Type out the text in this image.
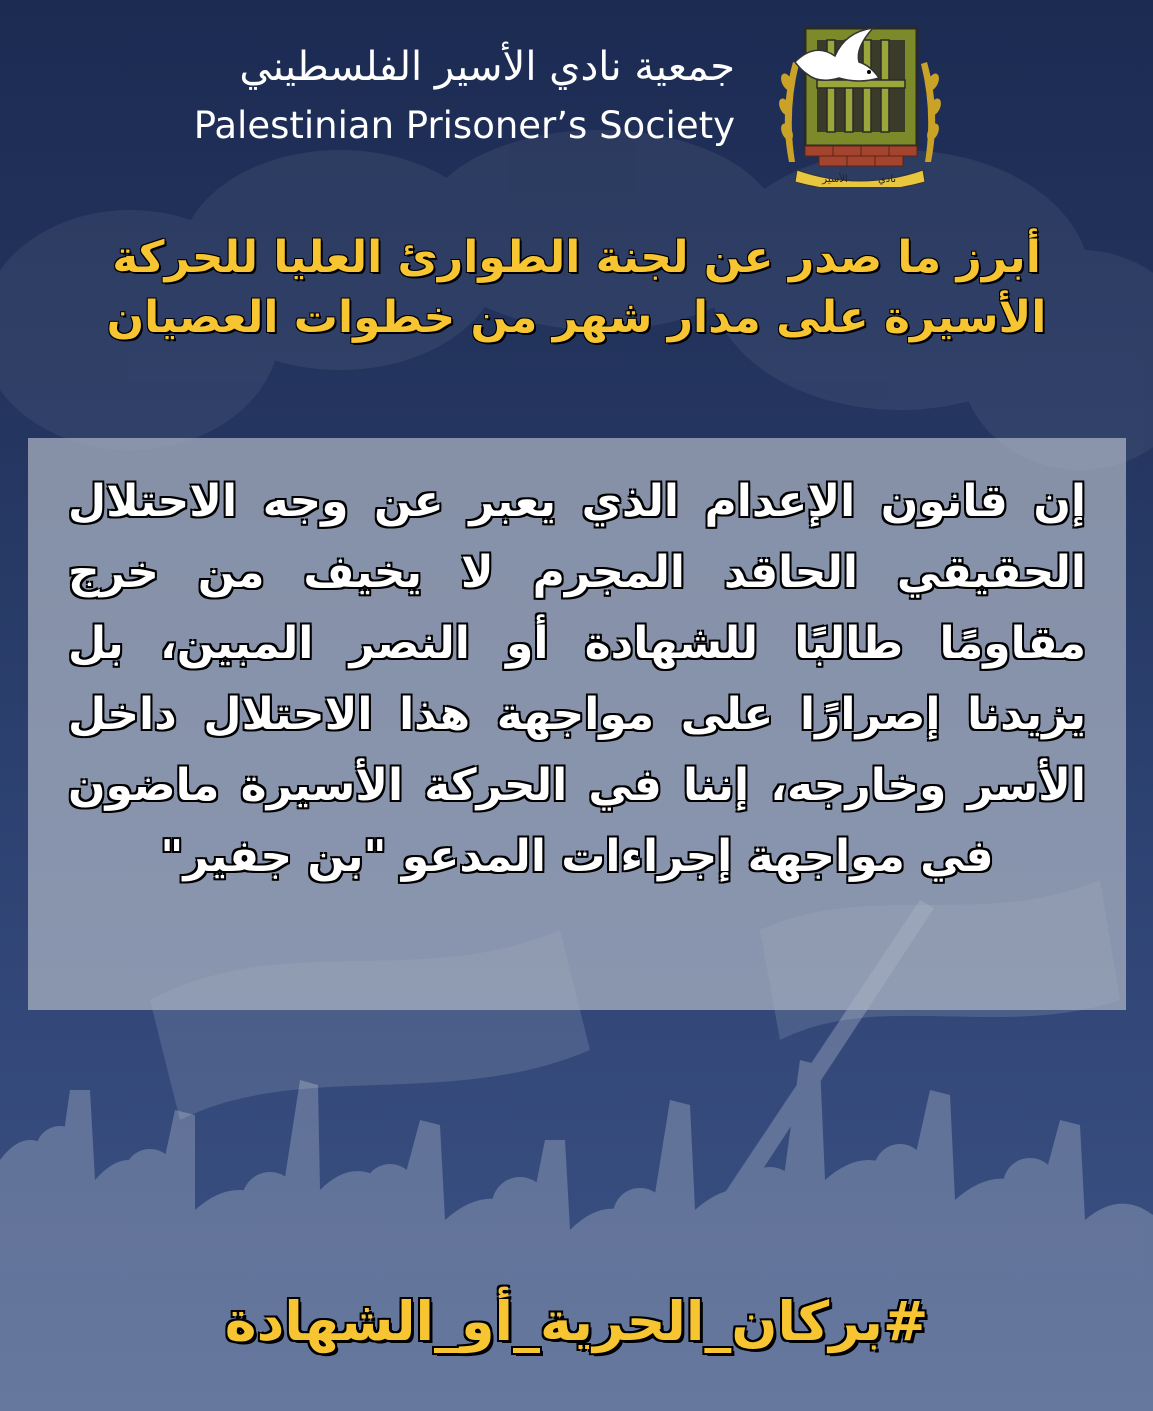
جمعية نادي الأسير الفلسطيني
Palestinian Prisoner’s Society
الأسير	نادي
أبرز ما صدر عن لجنة الطوارئ العليا للحركة
الأسيرة على مدار شهر من خطوات العصيان
إن قانون الإعدام الذي يعبر عن وجه الاحتلال الحقيقي الحاقد المجرم لا يخيف من خرج مقاومًا طالبًا للشهادة أو النصر المبين، بل يزيدنا إصرارًا على مواجهة هذا الاحتلال داخل الأسر وخارجه، إننا في الحركة الأسيرة ماضون في مواجهة إجراءات المدعو "بن جفير"
#بركان_الحرية_أو_الشهادة
